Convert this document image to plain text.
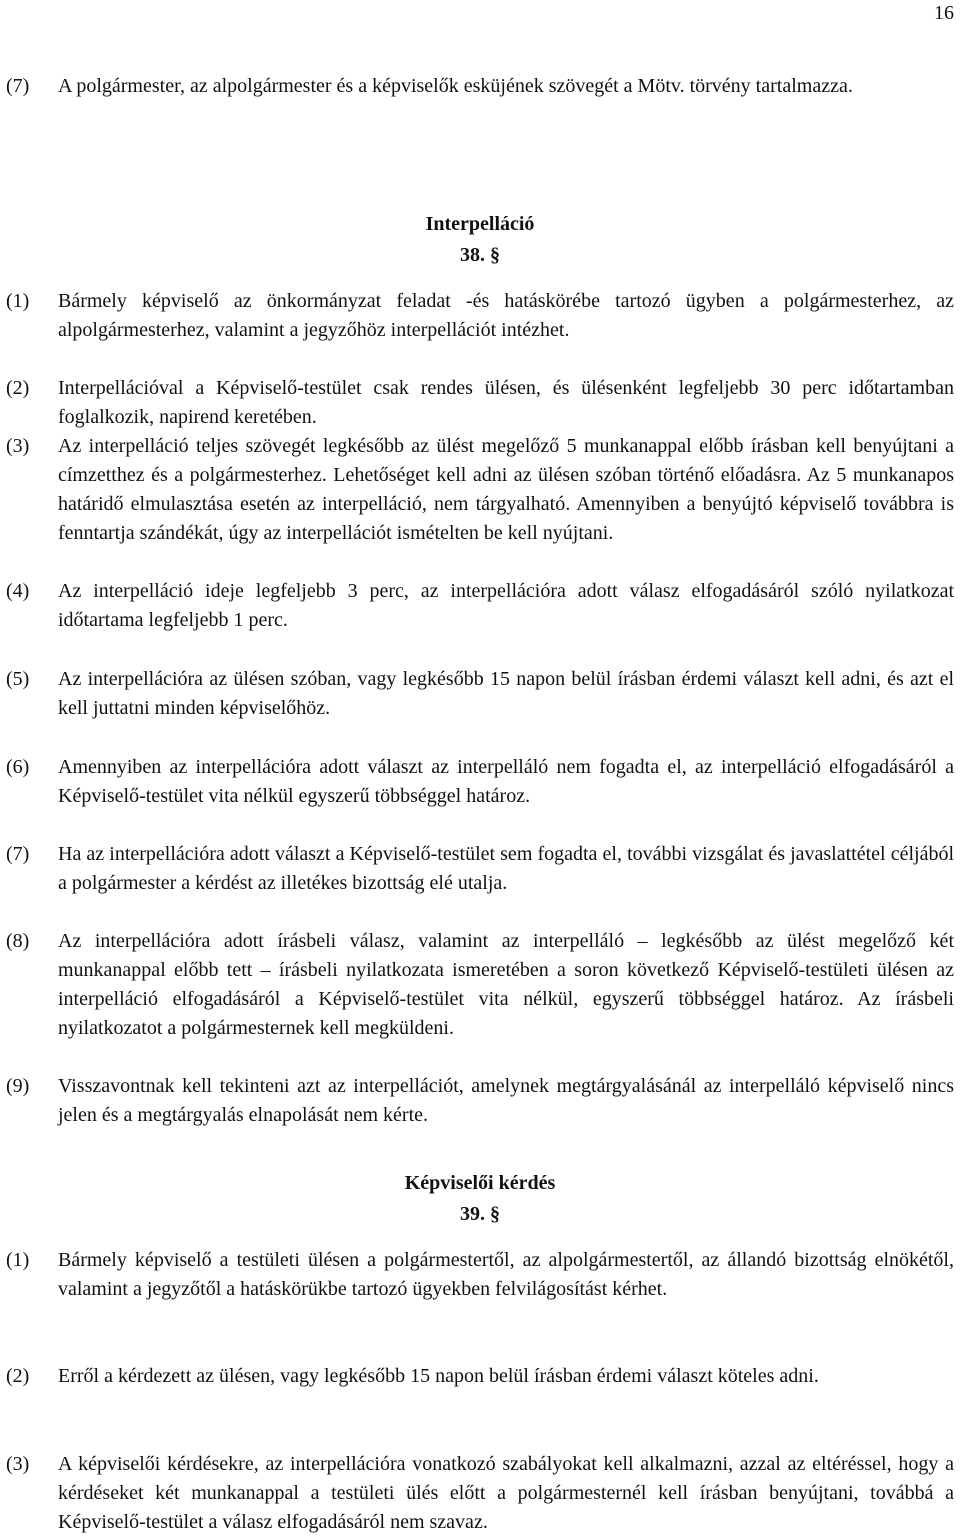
16
(7) A polgármester, az alpolgármester és a képviselők esküjének szövegét a Mötv. törvény tartalmazza.
Interpelláció
38. §
(1) Bármely képviselő az önkormányzat feladat -és hatáskörébe tartozó ügyben a polgármesterhez, az alpolgármesterhez, valamint a jegyzőhöz interpellációt intézhet.
(2) Interpellációval a Képviselő-testület csak rendes ülésen, és ülésenként legfeljebb 30 perc időtartamban foglalkozik, napirend keretében.
(3) Az interpelláció teljes szövegét legkésőbb az ülést megelőző 5 munkanappal előbb írásban kell benyújtani a címzetthez és a polgármesterhez. Lehetőséget kell adni az ülésen szóban történő előadásra. Az 5 munkanapos határidő elmulasztása esetén az interpelláció, nem tárgyalható. Amennyiben a benyújtó képviselő továbbra is fenntartja szándékát, úgy az interpellációt ismételten be kell nyújtani.
(4) Az interpelláció ideje legfeljebb 3 perc, az interpellációra adott válasz elfogadásáról szóló nyilatkozat időtartama legfeljebb 1 perc.
(5) Az interpellációra az ülésen szóban, vagy legkésőbb 15 napon belül írásban érdemi választ kell adni, és azt el kell juttatni minden képviselőhöz.
(6) Amennyiben az interpellációra adott választ az interpelláló nem fogadta el, az interpelláció elfogadásáról a Képviselő-testület vita nélkül egyszerű többséggel határoz.
(7) Ha az interpellációra adott választ a Képviselő-testület sem fogadta el, további vizsgálat és javaslattétel céljából a polgármester a kérdést az illetékes bizottság elé utalja.
(8) Az interpellációra adott írásbeli válasz, valamint az interpelláló – legkésőbb az ülést megelőző két munkanappal előbb tett – írásbeli nyilatkozata ismeretében a soron következő Képviselő-testületi ülésen az interpelláció elfogadásáról a Képviselő-testület vita nélkül, egyszerű többséggel határoz. Az írásbeli nyilatkozatot a polgármesternek kell megküldeni.
(9) Visszavontnak kell tekinteni azt az interpellációt, amelynek megtárgyalásánál az interpelláló képviselő nincs jelen és a megtárgyalás elnapolását nem kérte.
Képviselői kérdés
39. §
(1) Bármely képviselő a testületi ülésen a polgármestertől, az alpolgármestertől, az állandó bizottság elnökétől, valamint a jegyzőtől a hatáskörükbe tartozó ügyekben felvilágosítást kérhet.
(2) Erről a kérdezett az ülésen, vagy legkésőbb 15 napon belül írásban érdemi választ köteles adni.
(3) A képviselői kérdésekre, az interpellációra vonatkozó szabályokat kell alkalmazni, azzal az eltéréssel, hogy a kérdéseket két munkanappal a testületi ülés előtt a polgármesternél kell írásban benyújtani, továbbá a Képviselő-testület a válasz elfogadásáról nem szavaz.
